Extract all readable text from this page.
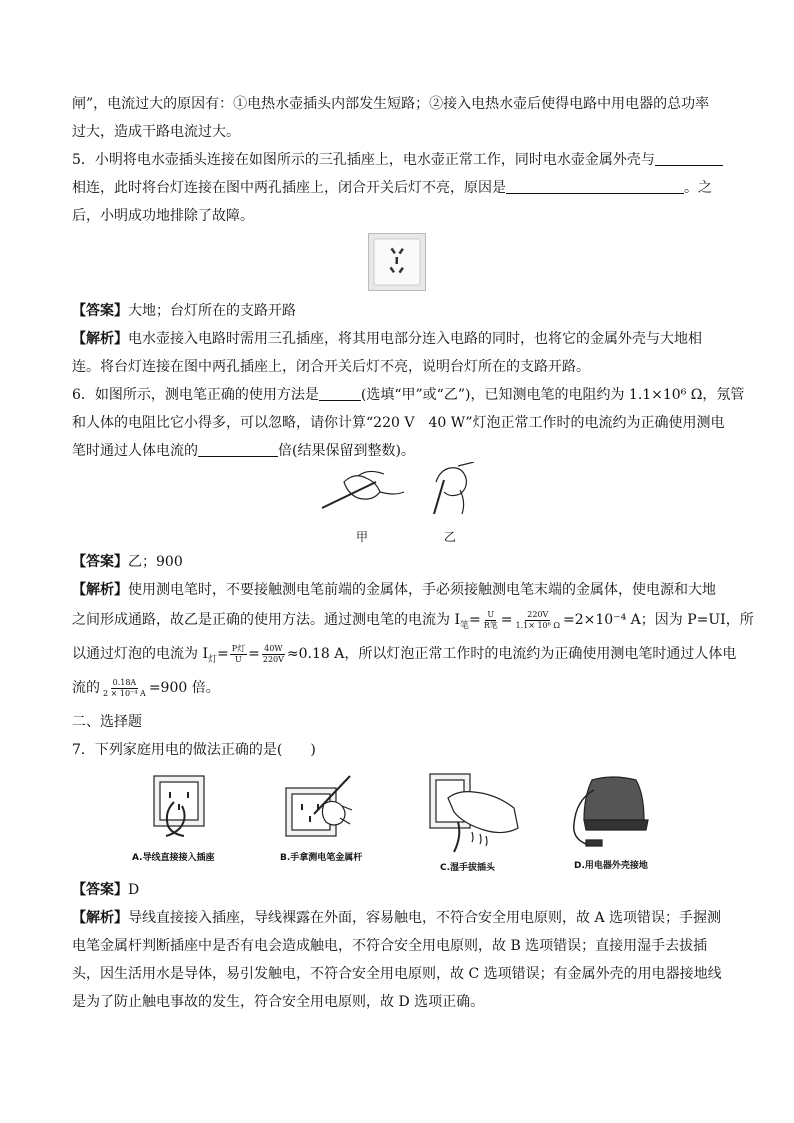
闸”，电流过大的原因有：①电热水壶插头内部发生短路；②接入电热水壶后使得电路中用电器的总功率
过大，造成干路电流过大。
5．小明将电水壶插头连接在如图所示的三孔插座上，电水壶正常工作，同时电水壶金属外壳与
相连，此时将台灯连接在图中两孔插座上，闭合开关后灯不亮，原因是	。之
后，小明成功地排除了故障。
【答案】大地；台灯所在的支路开路
【解析】电水壶接入电路时需用三孔插座，将其用电部分连入电路的同时，也将它的金属外壳与大地相
连。将台灯连接在图中两孔插座上，闭合开关后灯不亮，说明台灯所在的支路开路。
6．如图所示，测电笔正确的使用方法是	(选填“甲”或“乙”)，已知测电笔的电阻约为 1.1×10⁶ Ω，氖管
和人体的电阻比它小得多，可以忽略，请你计算“220 V　40 W”灯泡正常工作时的电流约为正确使用测电
笔时通过人体电流的	倍(结果保留到整数)。
甲	乙
【答案】乙；900
【解析】使用测电笔时，不要接触测电笔前端的金属体，手必须接触测电笔末端的金属体，使电源和大地
之间形成通路，故乙是正确的使用方法。通过测电笔的电流为 $I_笔= \frac{U}{\text{R笔}} = \frac{220V}{\text{1.1× 10⁶ Ω}} =2\times 10^{-4}$ A；因为 P=UI，所
以通过灯泡的电流为 $I_灯= \frac{\text{P灯}}{U} = \frac{40W}{220V} \approx 0.18$ A，所以灯泡正常工作时的电流约为正确使用测电笔时通过人体电
流的 $\frac{0.18A}{\text{2 × 10⁻⁴ A}} =900$ 倍。
二、选择题
7．下列家庭用电的做法正确的是(　　)
A.导线直接接入插座	B.手拿测电笔金属杆
C.湿手拔插头	D.用电器外壳接地
【答案】D
【解析】导线直接接入插座，导线裸露在外面，容易触电，不符合安全用电原则，故 A 选项错误；手握测
电笔金属杆判断插座中是否有电会造成触电，不符合安全用电原则，故 B 选项错误；直接用湿手去拔插
头，因生活用水是导体，易引发触电，不符合安全用电原则，故 C 选项错误；有金属外壳的用电器接地线
是为了防止触电事故的发生，符合安全用电原则，故 D 选项正确。
